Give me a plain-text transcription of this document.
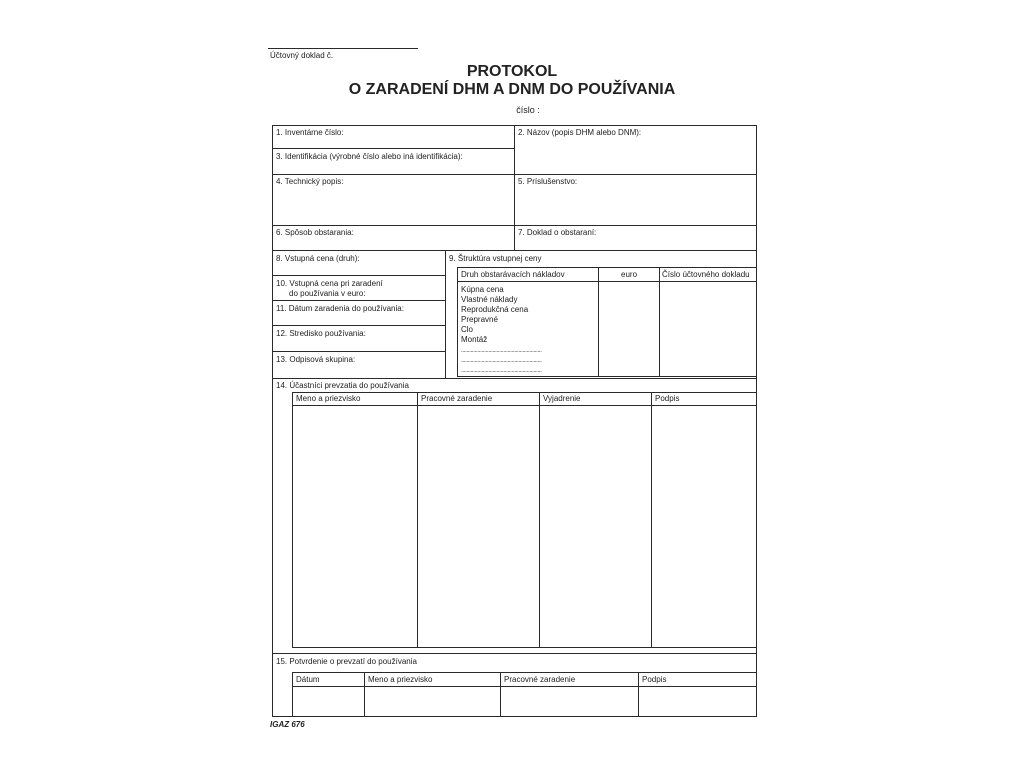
Účtovný doklad č.
PROTOKOL
O ZARADENÍ DHM A DNM DO POUŽÍVANIA
číslo :
1. Inventárne číslo:	2. Názov (popis DHM alebo DNM):
3. Identifikácia (výrobné číslo alebo iná identifikácia):
4. Technický popis:	5. Príslušenstvo:
6. Spôsob obstarania:	7. Doklad o obstaraní:
8. Vstupná cena (druh):	9. Štruktúra vstupnej ceny
10. Vstupná cena pri zaradení
do používania v euro:
11. Dátum zaradenia do používania:
12. Stredisko používania:
13. Odpisová skupina:
Druh obstarávacích nákladov	euro	Číslo účtovného dokladu
Kúpna cena
Vlastné náklady
Reprodukčná cena
Prepravné
Clo
Montáž
...........................................................
...........................................................
...........................................................
14. Účastníci prevzatia do používania
Meno a priezvisko	Pracovné zaradenie	Vyjadrenie	Podpis
15. Potvrdenie o prevzatí do používania
Dátum	Meno a priezvisko	Pracovné zaradenie	Podpis
IGAZ 676
